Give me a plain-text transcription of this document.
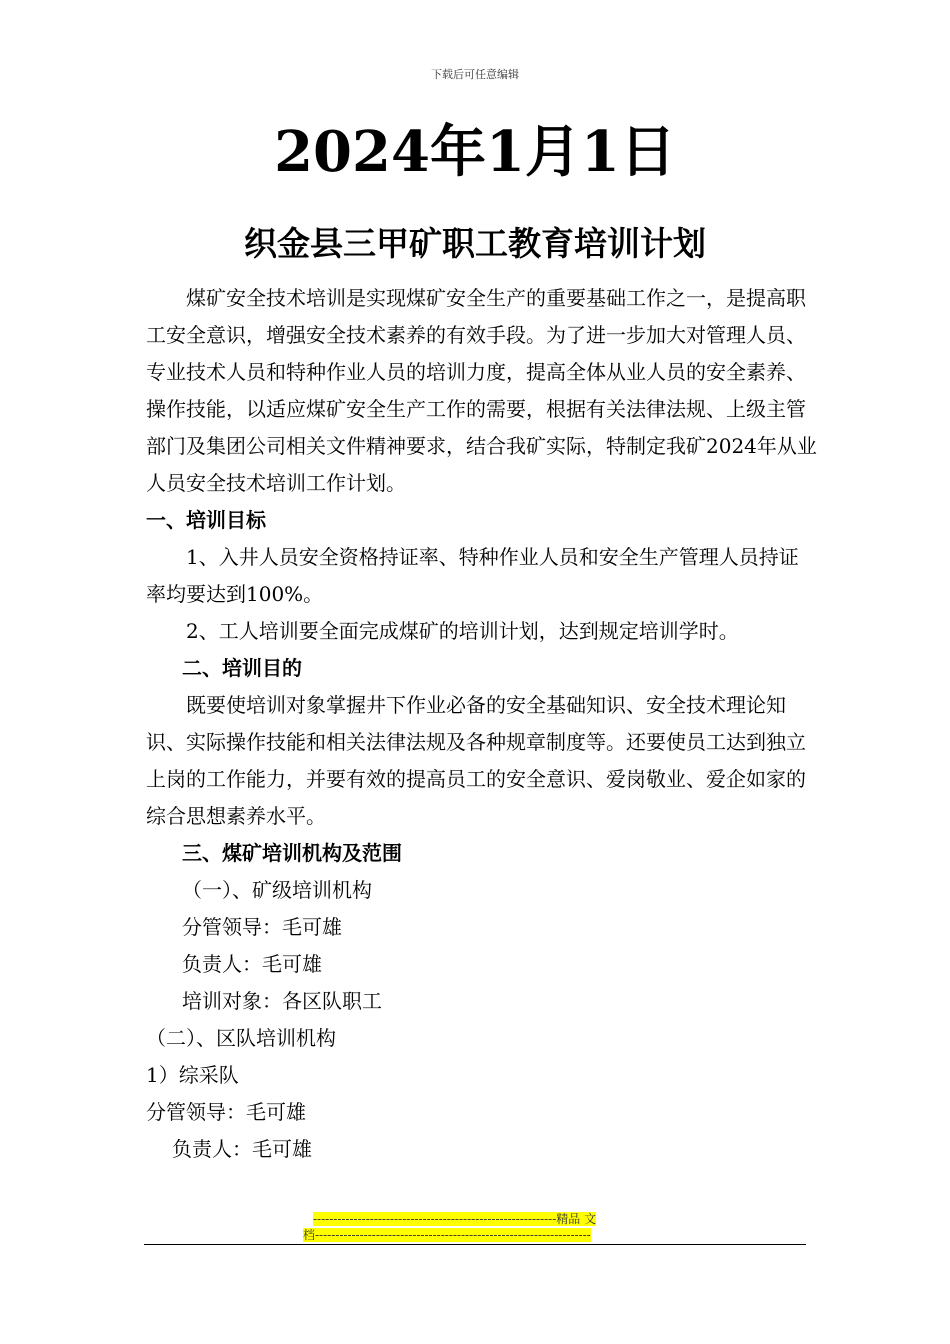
下载后可任意编辑
2024年1月1日
织金县三甲矿职工教育培训计划

煤矿安全技术培训是实现煤矿安全生产的重要基础工作之一，是提高职工安全意识，增强安全技术素养的有效手段。为了进一步加大对管理人员、专业技术人员和特种作业人员的培训力度，提高全体从业人员的安全素养、操作技能，以适应煤矿安全生产工作的需要，根据有关法律法规、上级主管部门及集团公司相关文件精神要求，结合我矿实际，特制定我矿2024年从业人员安全技术培训工作计划。

一、培训目标

1、入井人员安全资格持证率、特种作业人员和安全生产管理人员持证率均要达到100%。

2、工人培训要全面完成煤矿的培训计划，达到规定培训学时。

二、培训目的

既要使培训对象掌握井下作业必备的安全基础知识、安全技术理论知识、实际操作技能和相关法律法规及各种规章制度等。还要使员工达到独立上岗的工作能力，并要有效的提高员工的安全意识、爱岗敬业、爱企如家的综合思想素养水平。

三、煤矿培训机构及范围

（一）、矿级培训机构

分管领导：毛可雄

负责人：毛可雄

培训对象：各区队职工

（二）、区队培训机构

1）综采队

分管领导：毛可雄

负责人：毛可雄

------------------------------------------------------------精品 文
档--------------------------------------------------------------------
